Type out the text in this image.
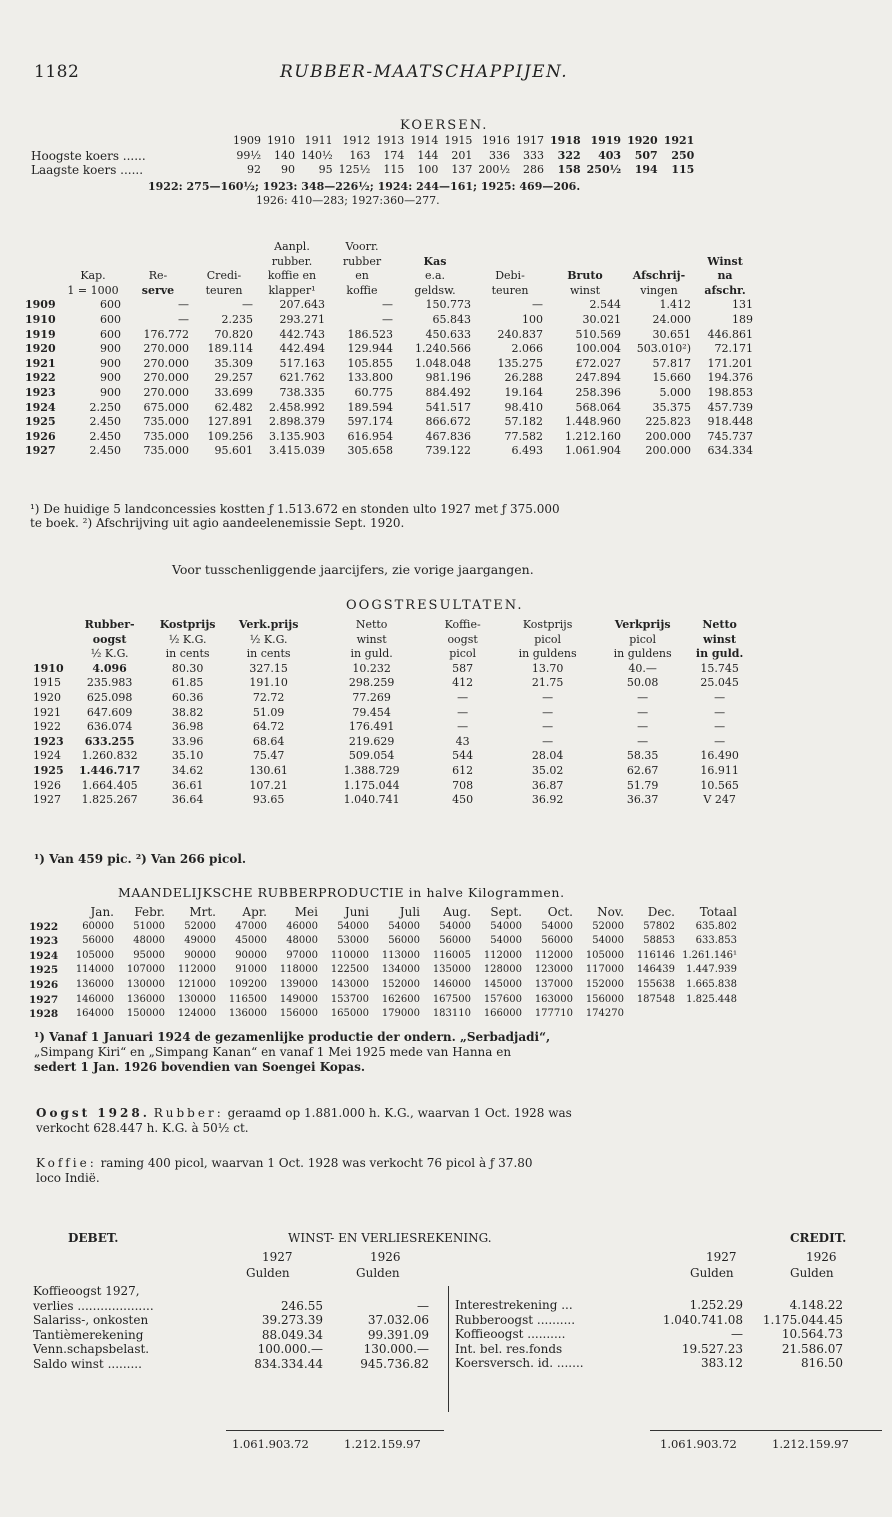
1182	RUBBER-MAATSCHAPPIJEN.
KOERSEN.
	1909	1910	1911	1912	1913	1914	1915	1916	1917	1918	1919	1920	1921
Hoogste koers ......	99½	140	140½	163	174	144	201	336	333	322	403	507	250
Laagste koers ......	92	90	95	125½	115	100	137	200½	286	158	250½	194	115
1922: 275—160½; 1923: 348—226½; 1924: 244—161; 1925: 469—206.
1926: 410—283; 1927:360—277.
				Aanpl.	Voorr.					
				rubber.	rubber	Kas				Winst
	Kap.	Re-	Credi-	koffie en	en	e.a.	Debi-	Bruto	Afschrij-	na
	1 = 1000	serve	teuren	klapper¹	koffie	geldsw.	teuren	winst	vingen	afschr.
1909	600	—	—	207.643	—	150.773	—	2.544	1.412	131
1910	600	—	2.235	293.271	—	65.843	100	30.021	24.000	189
1919	600	176.772	70.820	442.743	186.523	450.633	240.837	510.569	30.651	446.861
1920	900	270.000	189.114	442.494	129.944	1.240.566	2.066	100.004	503.010²)	72.171
1921	900	270.000	35.309	517.163	105.855	1.048.048	135.275	£72.027	57.817	171.201
1922	900	270.000	29.257	621.762	133.800	981.196	26.288	247.894	15.660	194.376
1923	900	270.000	33.699	738.335	60.775	884.492	19.164	258.396	5.000	198.853
1924	2.250	675.000	62.482	2.458.992	189.594	541.517	98.410	568.064	35.375	457.739
1925	2.450	735.000	127.891	2.898.379	597.174	866.672	57.182	1.448.960	225.823	918.448
1926	2.450	735.000	109.256	3.135.903	616.954	467.836	77.582	1.212.160	200.000	745.737
1927	2.450	735.000	95.601	3.415.039	305.658	739.122	6.493	1.061.904	200.000	634.334
¹) De huidige 5 landconcessies kostten ƒ 1.513.672 en stonden ulto 1927 met ƒ 375.000
te boek. ²) Afschrijving uit agio aandeelenemissie Sept. 1920.
Voor tusschenliggende jaarcijfers, zie vorige jaargangen.
OOGSTRESULTATEN.
	Rubber-	Kostprijs	Verk.prijs	Netto	Koffie-	Kostprijs	Verkprijs	Netto
	oogst	½ K.G.	½ K.G.	winst	oogst	picol	picol	winst
	½ K.G.	in cents	in cents	in guld.	picol	in guldens	in guldens	in guld.
1910	4.096	80.30	327.15	10.232	587	13.70	40.—	15.745
1915	235.983	61.85	191.10	298.259	412	21.75	50.08	25.045
1920	625.098	60.36	72.72	77.269	—	—	—	—
1921	647.609	38.82	51.09	79.454	—	—	—	—
1922	636.074	36.98	64.72	176.491	—	—	—	—
1923	633.255	33.96	68.64	219.629	43	—	—	—
1924	1.260.832	35.10	75.47	509.054	544	28.04	58.35	16.490
1925	1.446.717	34.62	130.61	1.388.729	612	35.02	62.67	16.911
1926	1.664.405	36.61	107.21	1.175.044	708	36.87	51.79	10.565
1927	1.825.267	36.64	93.65	1.040.741	450	36.92	36.37	V 247
¹) Van 459 pic. ²) Van 266 picol.
MAANDELIJKSCHE RUBBERPRODUCTIE in halve Kilogrammen.
	Jan.	Febr.	Mrt.	Apr.	Mei	Juni	Juli	Aug.	Sept.	Oct.	Nov.	Dec.	Totaal
1922	60000	51000	52000	47000	46000	54000	54000	54000	54000	54000	52000	57802	635.802
1923	56000	48000	49000	45000	48000	53000	56000	56000	54000	56000	54000	58853	633.853
1924	105000	95000	90000	90000	97000	110000	113000	116005	112000	112000	105000	116146	1.261.146¹
1925	114000	107000	112000	91000	118000	122500	134000	135000	128000	123000	117000	146439	1.447.939
1926	136000	130000	121000	109200	139000	143000	152000	146000	145000	137000	152000	155638	1.665.838
1927	146000	136000	130000	116500	149000	153700	162600	167500	157600	163000	156000	187548	1.825.448
1928	164000	150000	124000	136000	156000	165000	179000	183110	166000	177710	174270		
¹) Vanaf 1 Januari 1924 de gezamenlijke productie der ondern. „Serbadjadi“,
„Simpang Kiri“ en „Simpang Kanan“ en vanaf 1 Mei 1925 mede van Hanna en
sedert 1 Jan. 1926 bovendien van Soengei Kopas.
Oogst 1928. Rubber: geraamd op 1.881.000 h. K.G., waarvan 1 Oct. 1928 was
verkocht 628.447 h. K.G. à 50½ ct.
Koffie: raming 400 picol, waarvan 1 Oct. 1928 was verkocht 76 picol à ƒ 37.80
loco Indië.
DEBET.	WINST- EN VERLIESREKENING.	CREDIT.
1927	1926
Gulden	Gulden
1927	1926
Gulden	Gulden
Koffieoogst 1927,		
verlies ....................	246.55	—
Salariss-, onkosten	39.273.39	37.032.06
Tantièmerekening	88.049.34	99.391.09
Venn.schapsbelast.	100.000.—	130.000.—
Saldo winst .........	834.334.44	945.736.82
Interestrekening ...	1.252.29	4.148.22
Rubberoogst ..........	1.040.741.08	1.175.044.45
Koffieoogst ..........	—	10.564.73
Int. bel. res.fonds	19.527.23	21.586.07
Koersversch. id. .......	383.12	816.50
1.061.903.72	1.212.159.97	1.061.903.72	1.212.159.97
